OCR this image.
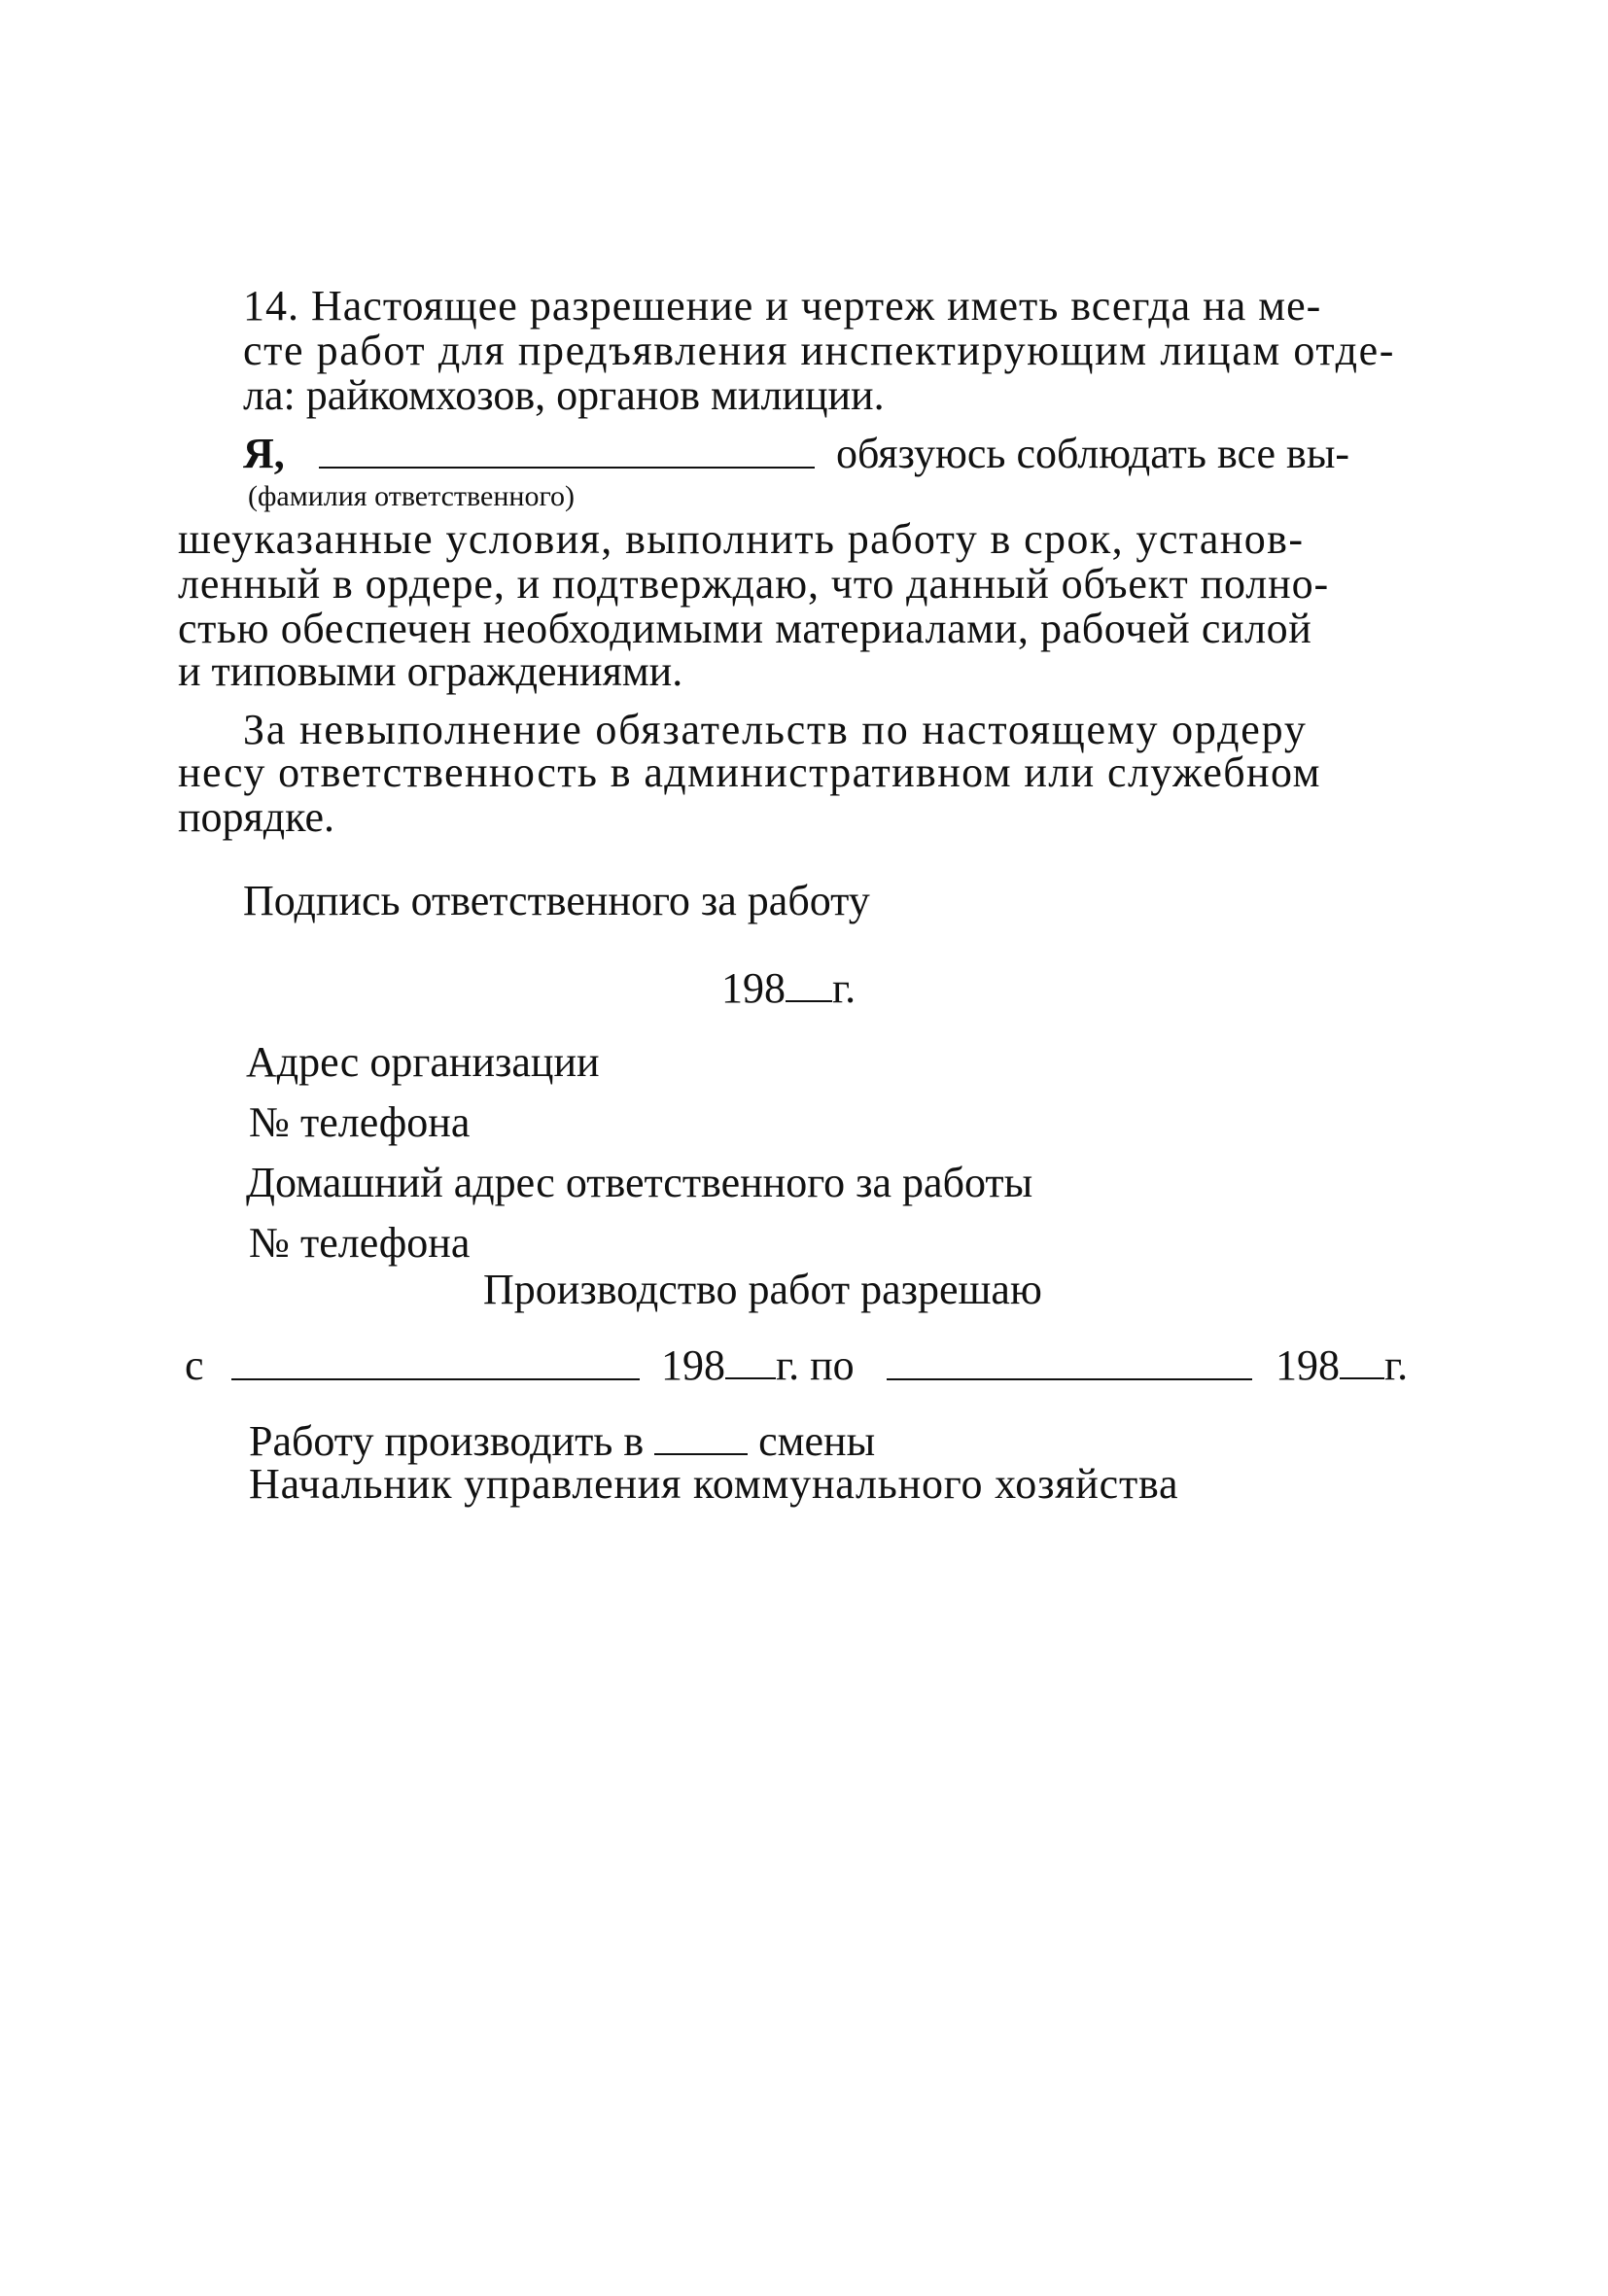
14. Настоящее разрешение и чертеж иметь всегда на ме-
сте работ для предъявления инспектирующим лицам отде-
ла: райкомхозов, органов милиции.
Я,	обязуюсь соблюдать все вы-
(фамилия ответственного)
шеуказанные условия, выполнить работу в срок, установ-
ленный в ордере, и подтверждаю, что данный объект полно-
стью обеспечен необходимыми материалами, рабочей силой
и типовыми ограждениями.
За невыполнение обязательств по настоящему ордеру
несу ответственность в административном или служебном
порядке.
Подпись ответственного за работу
198 г.
Адрес организации
№ телефона
Домашний адрес ответственного за работы
№ телефона
Производство работ разрешаю
с	198 г. по	198 г.
Работу производить в	смены
Начальник управления коммунального хозяйства
